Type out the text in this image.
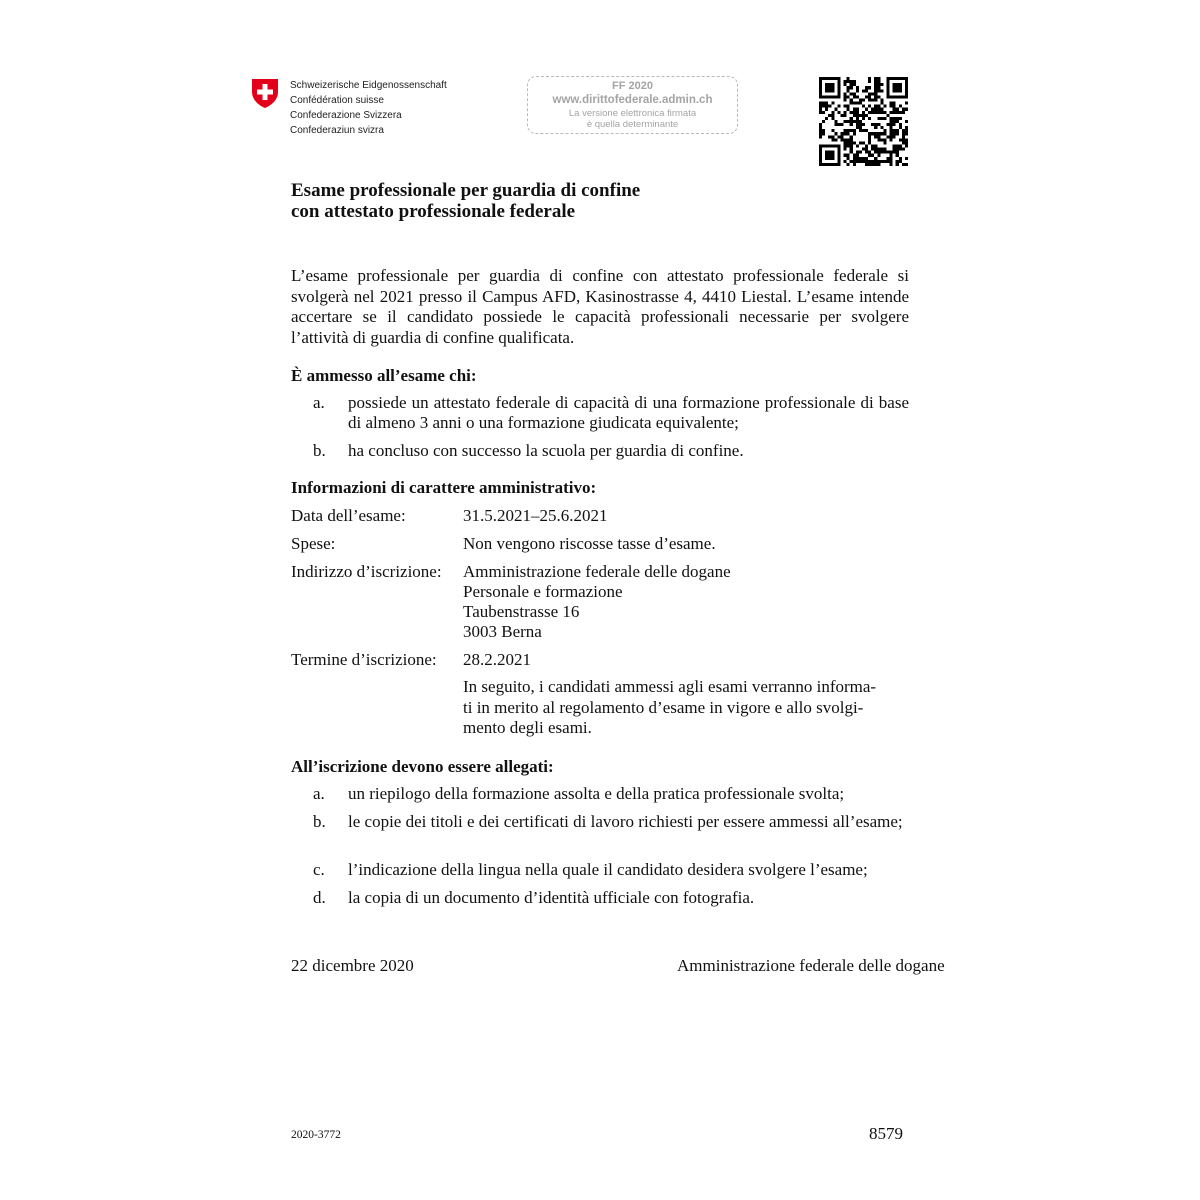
Schweizerische Eidgenossenschaft
Confédération suisse
Confederazione Svizzera
Confederaziun svizra
FF 2020
www.dirittofederale.admin.ch
La versione elettronica firmata
è quella determinante
Esame professionale per guardia di confine
con attestato professionale federale

L’esame professionale per guardia di confine con attestato professionale federale si svolgerà nel 2021 presso il Campus AFD, Kasinostrasse 4, 4410 Liestal. L’esame intende accertare se il candidato possiede le capacità professionali necessarie per svolgere l’attività di guardia di confine qualificata.

È ammesso all’esame chi:
a. possiede un attestato federale di capacità di una formazione professionale di base di almeno 3 anni o una formazione giudicata equivalente;
b. ha concluso con successo la scuola per guardia di confine.
Informazioni di carattere amministrativo:
Data dell’esame:	31.5.2021–25.6.2021
Spese:	Non vengono riscosse tasse d’esame.
Indirizzo d’iscrizione: Amministrazione federale delle dogane
Personale e formazione
Taubenstrasse 16
3003 Berna
Termine d’iscrizione: 28.2.2021
In seguito, i candidati ammessi agli esami verranno informa-
ti in merito al regolamento d’esame in vigore e allo svolgi-
mento degli esami.
All’iscrizione devono essere allegati:
a. un riepilogo della formazione assolta e della pratica professionale svolta;
b. le copie dei titoli e dei certificati di lavoro richiesti per essere ammessi all’esame;
c. l’indicazione della lingua nella quale il candidato desidera svolgere l’esame;
d. la copia di un documento d’identità ufficiale con fotografia.
22 dicembre 2020	Amministrazione federale delle dogane
2020-3772	8579
